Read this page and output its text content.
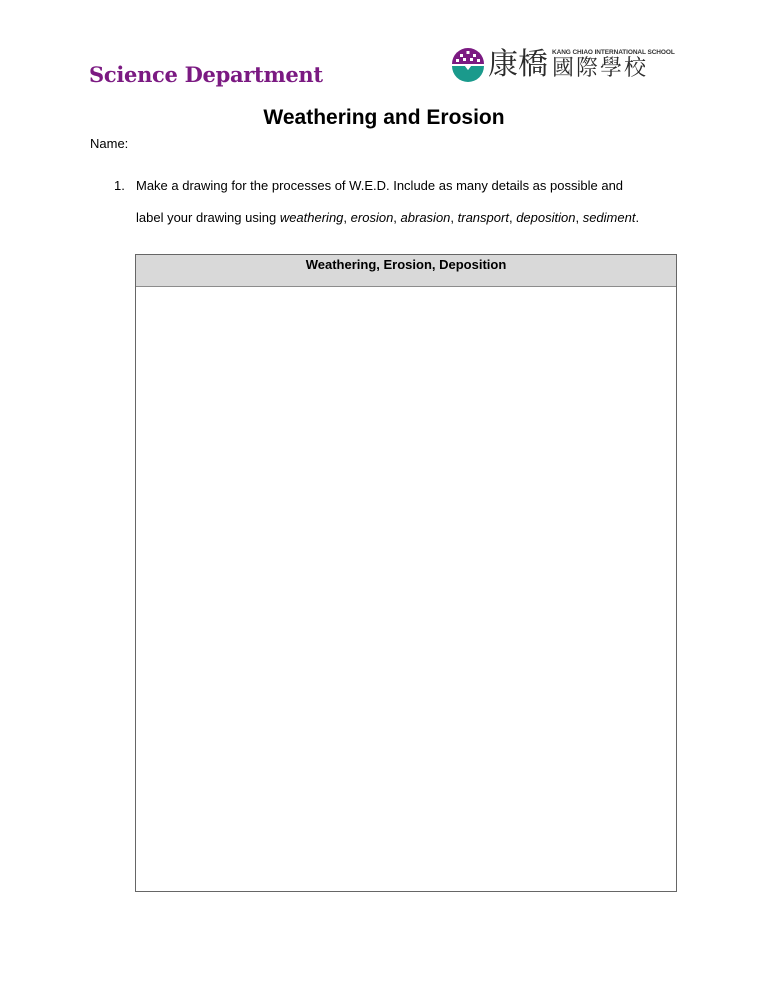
Science Department	康橋 KANG CHIAO INTERNATIONAL SCHOOL
國際學校
Weathering and Erosion
Name:
1. Make a drawing for the processes of W.E.D. Include as many details as possible and
label your drawing using weathering, erosion, abrasion, transport, deposition, sediment.
Weathering, Erosion, Deposition
